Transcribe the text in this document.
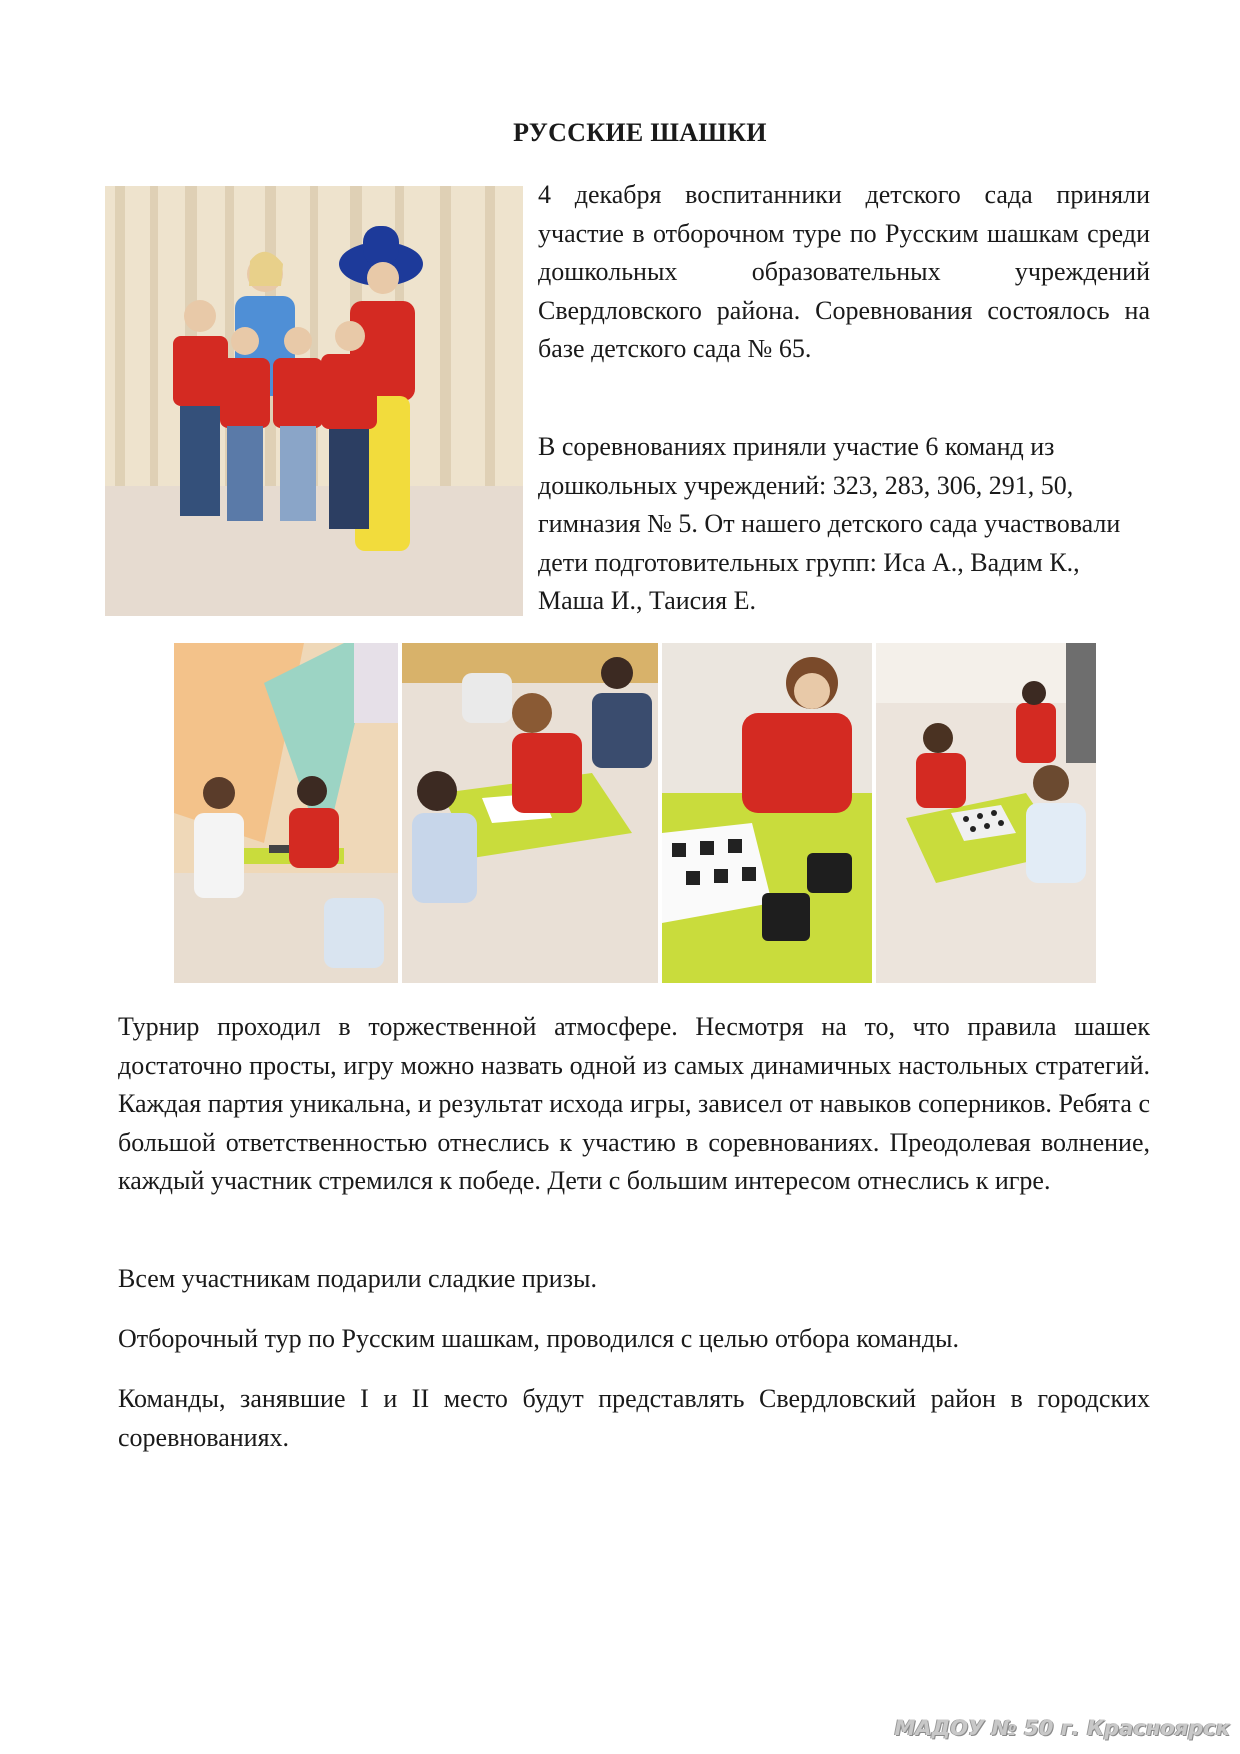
РУССКИЕ ШАШКИ
4 декабря воспитанники детского сада приняли участие в отборочном туре по Русским шашкам среди дошкольных образовательных учреждений Свердловского района. Соревнования состоялось на базе детского сада № 65.
В соревнованиях приняли участие 6 команд из дошкольных учреждений: 323, 283, 306, 291, 50, гимназия № 5. От нашего детского сада участвовали дети подготовительных групп: Иса А., Вадим К., Маша И., Таисия Е.
Турнир проходил в торжественной атмосфере. Несмотря на то, что правила шашек достаточно просты, игру можно назвать одной из самых динамичных настольных стратегий. Каждая партия уникальна, и результат исхода игры, зависел от навыков соперников. Ребята с большой ответственностью отнеслись к участию в соревнованиях. Преодолевая волнение, каждый участник стремился к победе. Дети с большим интересом отнеслись к игре.
Всем участникам подарили сладкие призы.
Отборочный тур по Русским шашкам, проводился с целью отбора команды.
Команды, занявшие I и II место будут представлять Свердловский район в городских соревнованиях.
МАДОУ № 50 г. Красноярск
